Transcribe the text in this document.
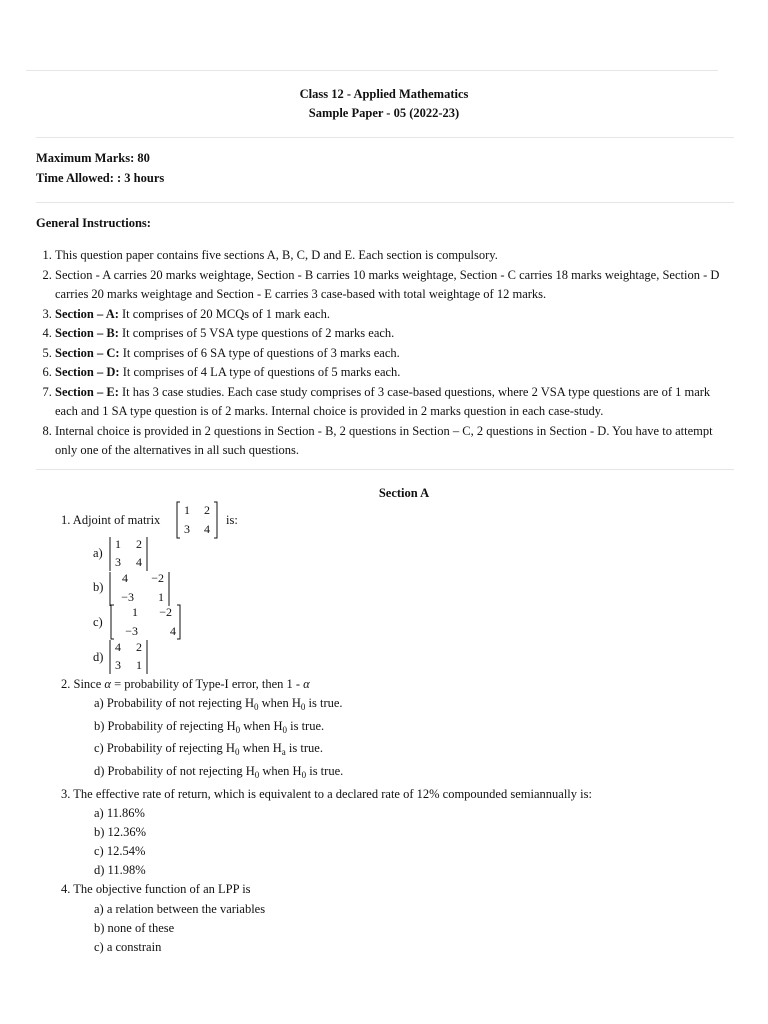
Class 12 - Applied Mathematics
Sample Paper - 05 (2022-23)
Maximum Marks: 80
Time Allowed: : 3 hours
General Instructions:
1. This question paper contains five sections A, B, C, D and E. Each section is compulsory.
2. Section - A carries 20 marks weightage, Section - B carries 10 marks weightage, Section - C carries 18 marks weightage, Section - D carries 20 marks weightage and Section - E carries 3 case-based with total weightage of 12 marks.
3. Section – A: It comprises of 20 MCQs of 1 mark each.
4. Section – B: It comprises of 5 VSA type questions of 2 marks each.
5. Section – C: It comprises of 6 SA type of questions of 3 marks each.
6. Section – D: It comprises of 4 LA type of questions of 5 marks each.
7. Section – E: It has 3 case studies. Each case study comprises of 3 case-based questions, where 2 VSA type questions are of 1 mark each and 1 SA type question is of 2 marks. Internal choice is provided in 2 marks question in each case-study.
8. Internal choice is provided in 2 questions in Section - B, 2 questions in Section – C, 2 questions in Section - D. You have to attempt only one of the alternatives in all such questions.
Section A
1. Adjoint of matrix
1	2
3	4
is:
a)
1	2
3	4
b)
4	−2
−3	1
c)
1	−2
−3	4
d)
4	2
3	1
2. Since α = probability of Type-I error, then 1 - α
a) Probability of not rejecting $H_0$ when $H_0$ is true.
b) Probability of rejecting $H_0$ when $H_0$ is true.
c) Probability of rejecting $H_0$ when $H_a$ is true.
d) Probability of not rejecting $H_0$ when $H_0$ is true.
3. The effective rate of return, which is equivalent to a declared rate of 12% compounded semiannually is:
a) 11.86%
b) 12.36%
c) 12.54%
d) 11.98%
4. The objective function of an LPP is
a) a relation between the variables
b) none of these
c) a constrain
